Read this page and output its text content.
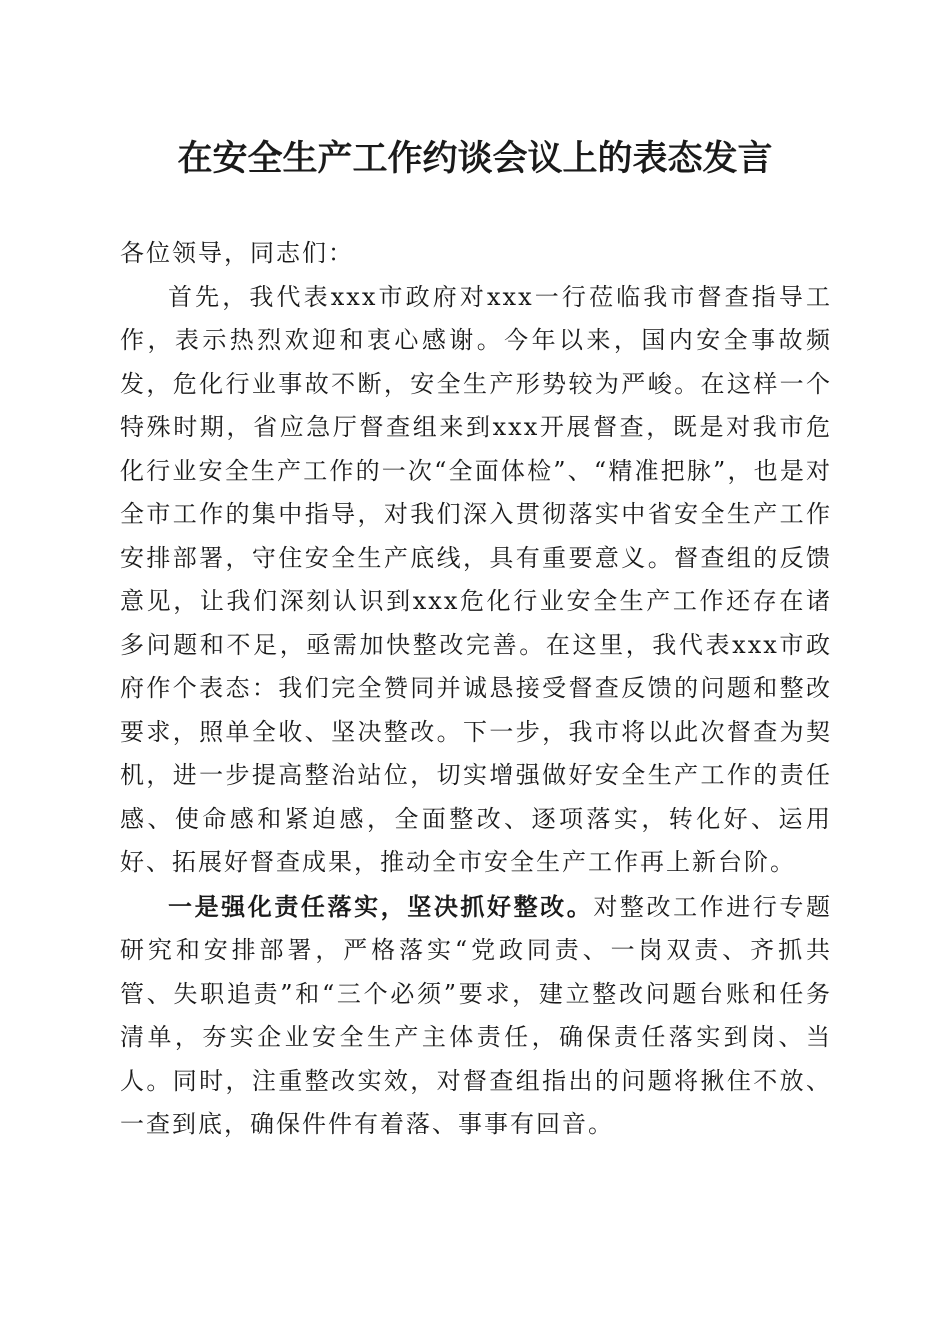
在安全生产工作约谈会议上的表态发言

各位领导，同志们：

首先，我代表xxx市政府对xxx一行莅临我市督查指导工作，表示热烈欢迎和衷心感谢。今年以来，国内安全事故频发，危化行业事故不断，安全生产形势较为严峻。在这样一个特殊时期，省应急厅督查组来到xxx开展督查，既是对我市危化行业安全生产工作的一次“全面体检”、“精准把脉”，也是对全市工作的集中指导，对我们深入贯彻落实中省安全生产工作安排部署，守住安全生产底线，具有重要意义。督查组的反馈意见，让我们深刻认识到xxx危化行业安全生产工作还存在诸多问题和不足，亟需加快整改完善。在这里，我代表xxx市政府作个表态：我们完全赞同并诚恳接受督查反馈的问题和整改要求，照单全收、坚决整改。下一步，我市将以此次督查为契机，进一步提高整治站位，切实增强做好安全生产工作的责任感、使命感和紧迫感，全面整改、逐项落实，转化好、运用好、拓展好督查成果，推动全市安全生产工作再上新台阶。

一是强化责任落实，坚决抓好整改。对整改工作进行专题研究和安排部署，严格落实“党政同责、一岗双责、齐抓共管、失职追责”和“三个必须”要求，建立整改问题台账和任务清单，夯实企业安全生产主体责任，确保责任落实到岗、当人。同时，注重整改实效，对督查组指出的问题将揪住不放、一查到底，确保件件有着落、事事有回音。
